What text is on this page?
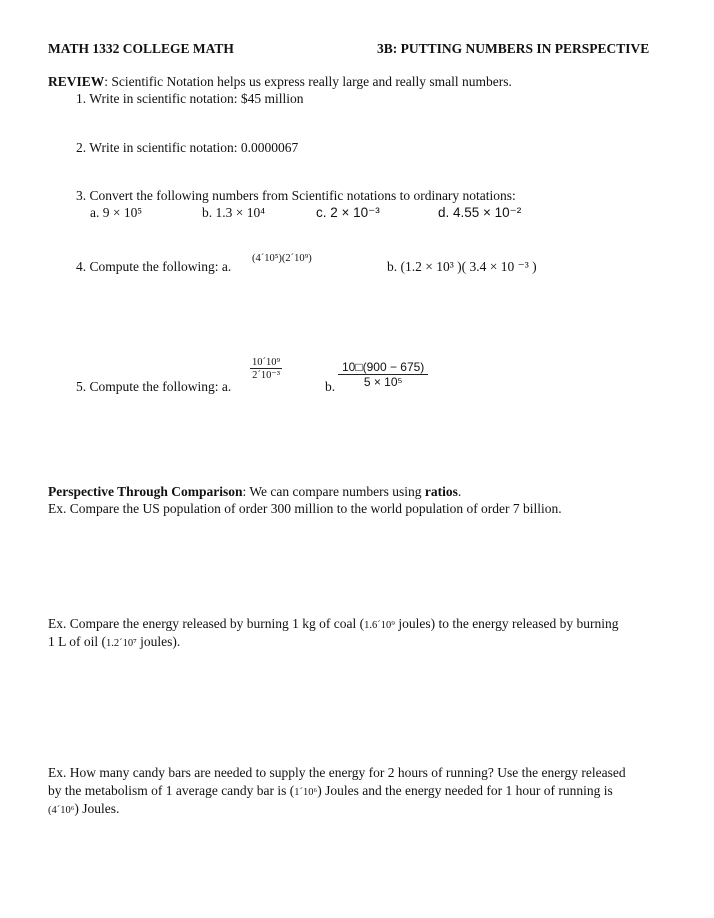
MATH 1332 COLLEGE MATH	3B: PUTTING NUMBERS IN PERSPECTIVE
REVIEW: Scientific Notation helps us express really large and really small numbers.
1. Write in scientific notation: $45 million
2. Write in scientific notation: 0.0000067
3. Convert the following numbers from Scientific notations to ordinary notations:
a. 9 × 10⁵	b. 1.3 × 10⁴	c. 2 × 10⁻³	d. 4.55 × 10⁻²
4. Compute the following: a.
(4´10⁵)(2´10⁹)
b. (1.2 × 10³ )( 3.4 × 10 ⁻³ )
5. Compute the following: a.
$\frac{\text{10´10⁹}}{\text{2´10⁻³}}$
b. $\frac{10□(900 - 675)}{\text{5 × 10⁵}}$
Perspective Through Comparison: We can compare numbers using ratios.
Ex. Compare the US population of order 300 million to the world population of order 7 billion.
Ex. Compare the energy released by burning 1 kg of coal (1.6´10⁹ joules) to the energy released by burning
1 L of oil (1.2´10⁷ joules).
Ex. How many candy bars are needed to supply the energy for 2 hours of running? Use the energy released
by the metabolism of 1 average candy bar is (1´10⁶) Joules and the energy needed for 1 hour of running is
(4´10⁶) Joules.
